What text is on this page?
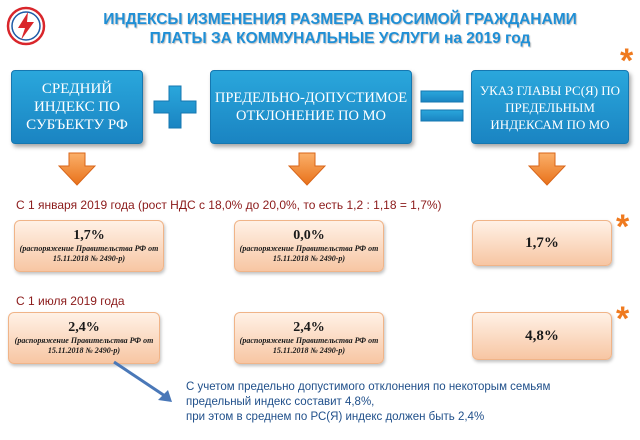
ИНДЕКСЫ ИЗМЕНЕНИЯ РАЗМЕРА ВНОСИМОЙ ГРАЖДАНАМИ
ПЛАТЫ ЗА КОММУНАЛЬНЫЕ УСЛУГИ на 2019 год
СРЕДНИЙ ИНДЕКС ПО СУБЪЕКТУ РФ
ПРЕДЕЛЬНО-ДОПУСТИМОЕ ОТКЛОНЕНИЕ ПО МО
УКАЗ ГЛАВЫ РС(Я) ПО ПРЕДЕЛЬНЫМ ИНДЕКСАМ ПО МО
*
С 1 января 2019 года (рост НДС с 18,0% до 20,0%, то есть 1,2 : 1,18 = 1,7%)
1,7%
(распоряжение Правительства РФ от 15.11.2018 № 2490-р)
0,0%
(распоряжение Правительства РФ от 15.11.2018 № 2490-р)
1,7%	*
С 1 июля 2019 года
2,4%
(распоряжение Правительства РФ от 15.11.2018 № 2490-р)
2,4%
(распоряжение Правительства РФ от 15.11.2018 № 2490-р)
4,8%	*
С учетом предельно допустимого отклонения по некоторым семьям
предельный индекс составит 4,8%,
при этом в среднем по РС(Я) индекс должен быть 2,4%
